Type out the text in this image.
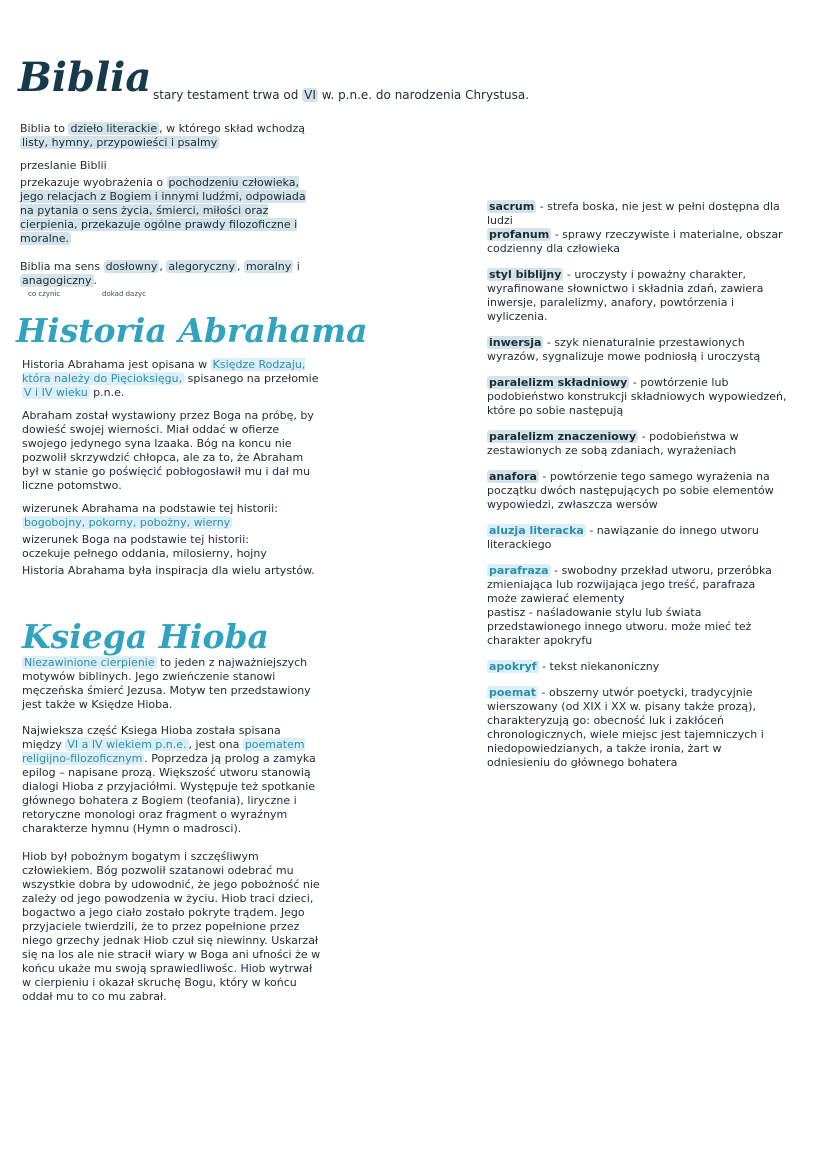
Biblia stary testament trwa od VI w. p.n.e. do narodzenia Chrystusa.

Biblia to dzieło literackie , w którego skład wchodzą listy, hymny, przypowieści i psalmy

przeslanie Biblii

przekazuje wyobrażenia o pochodzeniu człowieka, jego relacjach z Bogiem i innymi ludźmi, odpowiada na pytania o sens życia, śmierci, miłości oraz cierpienia, przekazuje ogólne prawdy filozoficzne i moralne.

Biblia ma sens dosłowny , alegoryczny , moralny i anagogiczny .

co czynic	dokad dazyc
Historia Abrahama

Historia Abrahama jest opisana w Księdze Rodzaju, która należy do Pięcioksięgu, spisanego na przełomie V i IV wieku p.n.e.

Abraham został wystawiony przez Boga na próbę, by dowieść swojej wierności. Miał oddać w ofierze swojego jedynego syna Izaaka. Bóg na koncu nie pozwolił skrzywdzić chłopca, ale za to, że Abraham był w stanie go poświęcić pobłogosławił mu i dał mu liczne potomstwo.

wizerunek Abrahama na podstawie tej historii: bogobojny, pokorny, pobożny, wierny

wizerunek Boga na podstawie tej historii:
oczekuje pełnego oddania, milosierny, hojny

Historia Abrahama była inspiracja dla wielu artystów.

Ksiega Hioba

Niezawinione cierpienie to jeden z najważniejszych motywów biblinych. Jego zwieńczenie stanowi męczeńska śmierć Jezusa. Motyw ten przedstawiony jest także w Księdze Hioba.

Najwieksza część Ksiega Hioba została spisana między VI a IV wiekiem p.n.e. , jest ona poematem religijno-filozoficznym . Poprzedza ją prolog a zamyka epilog – napisane prozą. Większość utworu stanowią dialogi Hioba z przyjaciółmi. Występuje też spotkanie głównego bohatera z Bogiem (teofania), liryczne i retoryczne monologi oraz fragment o wyraźnym charakterze hymnu (Hymn o madrosci).

Hiob był pobożnym bogatym i szczęśliwym człowiekiem. Bóg pozwolił szatanowi odebrać mu wszystkie dobra by udowodnić, że jego pobożność nie zależy od jego powodzenia w życiu. Hiob traci dzieci, bogactwo a jego ciało zostało pokryte trądem. Jego przyjaciele twierdzili, że to przez popełnione przez niego grzechy jednak Hiob czuł się niewinny. Uskarzał się na los ale nie stracił wiary w Boga ani ufności że w końcu ukaże mu swoją sprawiedliwośc. Hiob wytrwał w cierpieniu i okazał skruchę Bogu, który w końcu oddał mu to co mu zabrał.

sacrum - strefa boska, nie jest w pełni dostępna dla ludzi
profanum - sprawy rzeczywiste i materialne, obszar codzienny dla człowieka

styl biblijny - uroczysty i poważny charakter, wyrafinowane słownictwo i składnia zdań, zawiera inwersje, paralelizmy, anafory, powtórzenia i wyliczenia.

inwersja - szyk nienaturalnie przestawionych wyrazów, sygnalizuje mowe podniosłą i uroczystą

paralelizm składniowy - powtórzenie lub podobieństwo konstrukcji składniowych wypowiedzeń, które po sobie następują

paralelizm znaczeniowy - podobieństwa w zestawionych ze sobą zdaniach, wyrażeniach

anafora - powtórzenie tego samego wyrażenia na początku dwóch następujących po sobie elementów wypowiedzi, zwłaszcza wersów

aluzja literacka - nawiązanie do innego utworu literackiego

parafraza - swobodny przekład utworu, przeróbka zmieniająca lub rozwijająca jego treść, parafraza może zawierać elementy
pastisz - naśladowanie stylu lub świata przedstawionego innego utworu. może mieć też charakter apokryfu

apokryf - tekst niekanoniczny

poemat - obszerny utwór poetycki, tradycyjnie wierszowany (od XIX i XX w. pisany także prozą), charakteryzują go: obecność luk i zakłóceń chronologicznych, wiele miejsc jest tajemniczych i niedopowiedzianych, a także ironia, żart w odniesieniu do głównego bohatera
